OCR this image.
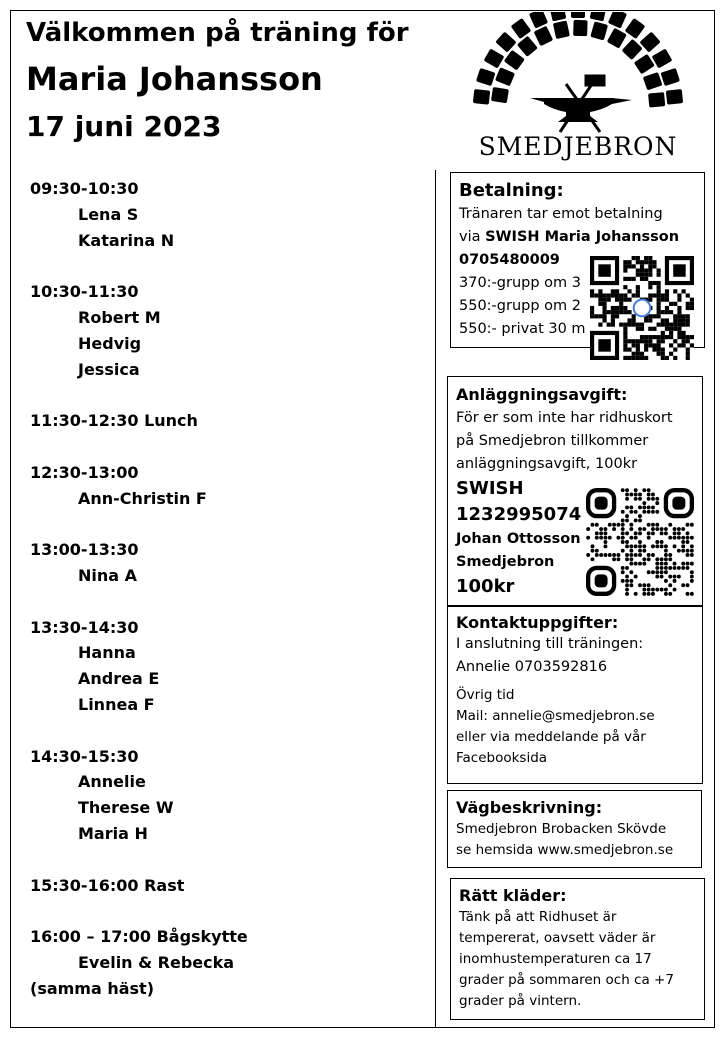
Välkommen på träning för
Maria Johansson
17 juni 2023
SMEDJEBRON
09:30-10:30
Lena S
Katarina N
10:30-11:30
Robert M
Hedvig
Jessica
11:30-12:30 Lunch
12:30-13:00
Ann-Christin F
13:00-13:30
Nina A
13:30-14:30
Hanna
Andrea E
Linnea F
14:30-15:30
Annelie
Therese W
Maria H
15:30-16:00 Rast
16:00 – 17:00 Bågskytte
Evelin & Rebecka
(samma häst)
Betalning:
Tränaren tar emot betalning
via SWISH Maria Johansson
0705480009
370:-grupp om 3
550:-grupp om 2
550:- privat 30 m
Anläggningsavgift:
För er som inte har ridhuskort
på Smedjebron tillkommer
anläggningsavgift, 100kr
SWISH
1232995074
Johan Ottosson
Smedjebron
100kr
Kontaktuppgifter:
I anslutning till träningen:
Annelie 0703592816
Övrig tid
Mail: annelie@smedjebron.se
eller via meddelande på vår
Facebooksida
Vägbeskrivning:
Smedjebron Brobacken Skövde
se hemsida www.smedjebron.se
Rätt kläder:
Tänk på att Ridhuset är
tempererat, oavsett väder är
inomhustemperaturen ca 17
grader på sommaren och ca +7
grader på vintern.
